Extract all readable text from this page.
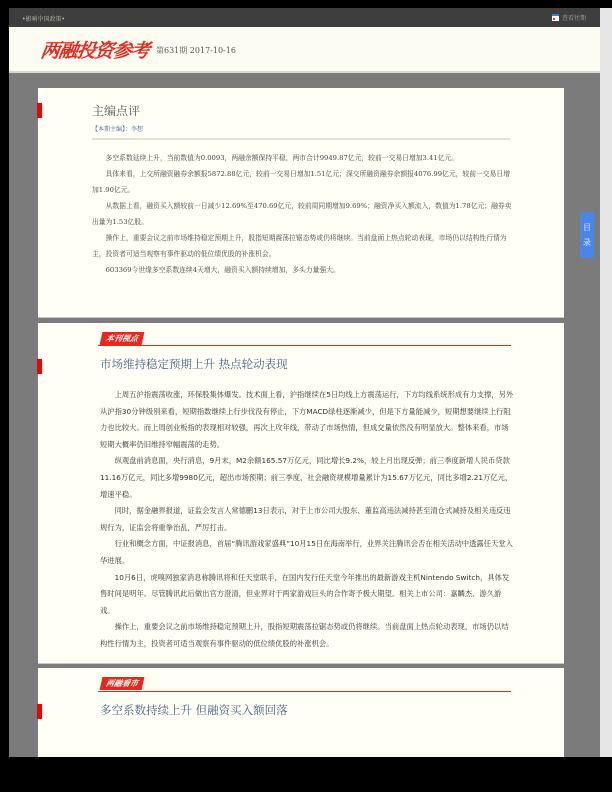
•影响中国政策•	查看往期
两融投资参考 第631期 2017-10-16
主编点评
【本期主编】：李想

多空系数延续上升，当前数值为0.0093，两融余额保持平稳，两市合计9949.87亿元，较前一交易日增加3.41亿元。

具体来看，上交所融资融券余额报5872.88亿元，较前一交易日增加1.51亿元；深交所融资融券余额报4076.99亿元，较前一交易日增加1.90亿元。

从数据上看，融资买入额较前一日减少12.69%至470.69亿元，较前周同期增加9.69%；融资净买入额流入，数值为1.78亿元；融券卖出量为1.53亿股。

操作上，重要会议之前市场维持稳定预期上升，股指短期震荡拉锯态势或仍将继续。当前盘面上热点轮动表现，市场仍以结构性行情为主，投资者可适当观察有事件驱动的低位绩优股的补涨机会。

603369今世缘多空系数连续4天增大，融资买入额持续增加，多头力量强大。

本刊视点
市场维持稳定预期上升 热点轮动表现

上周五沪指震荡收涨，环保股集体爆发。技术面上看，沪指继续在5日均线上方震荡运行，下方均线系统形成有力支撑，另外从沪指30分钟级别来看，短期指数继续上行步伐没有停止，下方MACD绿柱逐渐减少，但是下方量能减少，短期想要继续上行阻力也比较大。而上周创业板指的表现相对较强，再次上攻年线，带动了市场热情，但成交量依然没有明显放大。整体来看，市场短期大概率仍旧维持窄幅震荡的走势。

纵观盘前消息面，央行消息，9月末，M2余额165.57万亿元，同比增长9.2%，较上月出现反弹；前三季度新增人民币贷款11.16万亿元，同比多增9980亿元，超出市场预期；前三季度，社会融资规模增量累计为15.67万亿元，同比多增2.21万亿元，增速平稳。

同时，据金融界报道，证监会发言人常德鹏13日表示，对于上市公司大股东、董监高违法减持甚至清仓式减持及相关违反违规行为，证监会将重拳治乱，严厉打击。

行业和概念方面，中证报消息，首届“腾讯游戏家盛典”10月15日在海南举行，业界关注腾讯会否在相关活动中透露任天堂入华进展。

10月6日，虎嗅网独家消息称腾讯将和任天堂联手，在国内发行任天堂今年推出的最新游戏主机Nintendo Switch，具体发售时间是明年。尽管腾讯此后做出官方澄清，但业界对于两家游戏巨头的合作寄予极大期望。相关上市公司：嘉麟杰、游久游戏。

操作上，重要会议之前市场维持稳定预期上升，股指短期震荡拉锯态势或仍将继续。当前盘面上热点轮动表现，市场仍以结构性行情为主，投资者可适当观察有事件驱动的低位绩优股的补涨机会。

两融看市
多空系数持续上升 但融资买入额回落
目
录
